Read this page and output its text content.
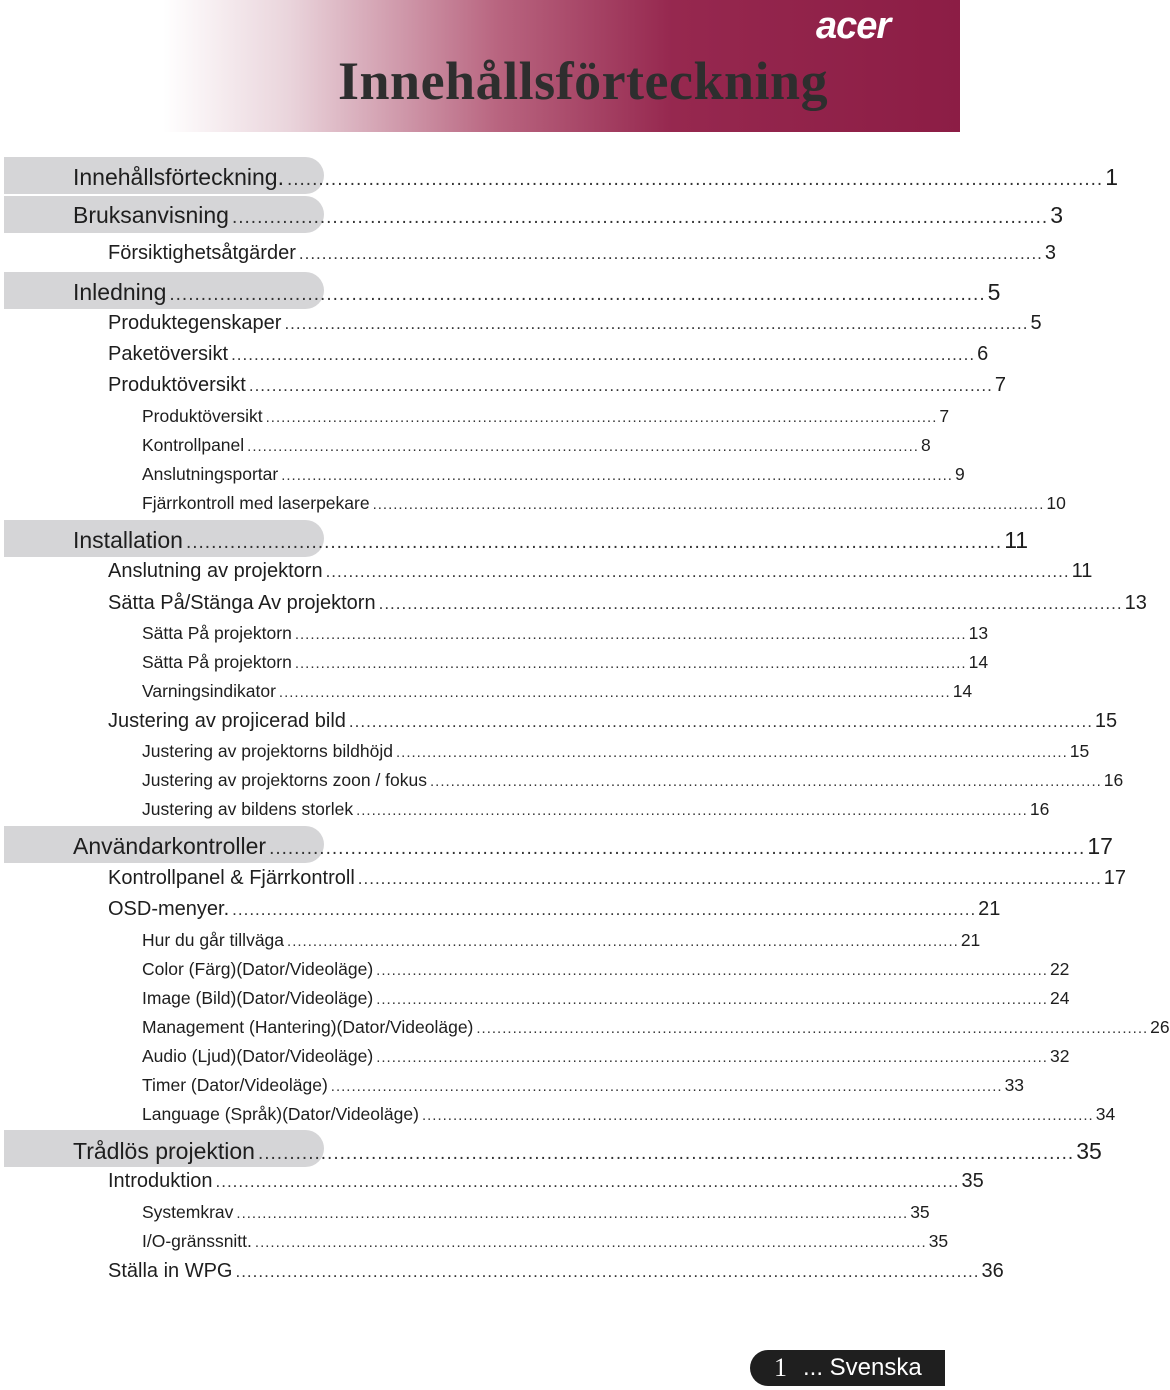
Innehållsförteckning
acer
Innehållsförteckning. .................................................................................................................................. 1
Bruksanvisning .................................................................................................................................. 3
Försiktighetsåtgärder .................................................................................................................................. 3
Inledning .................................................................................................................................. 5
Produktegenskaper .................................................................................................................................. 5
Paketöversikt .................................................................................................................................. 6
Produktöversikt .................................................................................................................................. 7
Produktöversikt .................................................................................................................................. 7
Kontrollpanel .................................................................................................................................. 8
Anslutningsportar .................................................................................................................................. 9
Fjärrkontroll med laserpekare .................................................................................................................................. 10
Installation .................................................................................................................................. 11
Anslutning av projektorn .................................................................................................................................. 11
Sätta På/Stänga Av projektorn .................................................................................................................................. 13
Sätta På projektorn .................................................................................................................................. 13
Sätta På projektorn .................................................................................................................................. 14
Varningsindikator .................................................................................................................................. 14
Justering av projicerad bild .................................................................................................................................. 15
Justering av projektorns bildhöjd .................................................................................................................................. 15
Justering av projektorns zoon / fokus .................................................................................................................................. 16
Justering av bildens storlek .................................................................................................................................. 16
Användarkontroller .................................................................................................................................. 17
Kontrollpanel & Fjärrkontroll .................................................................................................................................. 17
OSD-menyer. .................................................................................................................................. 21
Hur du går tillväga .................................................................................................................................. 21
Color (Färg)(Dator/Videoläge) .................................................................................................................................. 22
Image (Bild)(Dator/Videoläge) .................................................................................................................................. 24
Management (Hantering)(Dator/Videoläge) .................................................................................................................................. 26
Audio (Ljud)(Dator/Videoläge) .................................................................................................................................. 32
Timer (Dator/Videoläge) .................................................................................................................................. 33
Language (Språk)(Dator/Videoläge) .................................................................................................................................. 34
Trådlös projektion .................................................................................................................................. 35
Introduktion .................................................................................................................................. 35
Systemkrav .................................................................................................................................. 35
I/O-gränssnitt. .................................................................................................................................. 35
Ställa in WPG .................................................................................................................................. 36
1 ... Svenska
